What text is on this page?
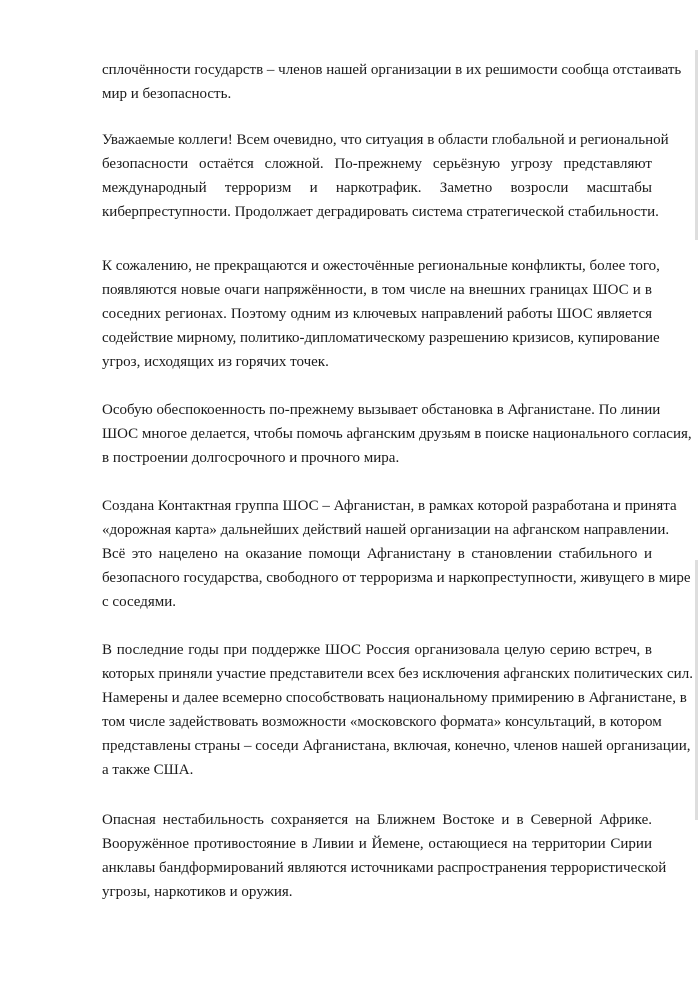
сплочённости государств – членов нашей организации в их решимости сообща отстаивать
мир и безопасность.
Уважаемые коллеги! Всем очевидно, что ситуация в области глобальной и региональной
безопасности остаётся сложной. По-прежнему серьёзную угрозу представляют
международный терроризм и наркотрафик. Заметно возросли масштабы
киберпреступности. Продолжает деградировать система стратегической стабильности.
К сожалению, не прекращаются и ожесточённые региональные конфликты, более того,
появляются новые очаги напряжённости, в том числе на внешних границах ШОС и в
соседних регионах. Поэтому одним из ключевых направлений работы ШОС является
содействие мирному, политико-дипломатическому разрешению кризисов, купирование
угроз, исходящих из горячих точек.
Особую обеспокоенность по-прежнему вызывает обстановка в Афганистане. По линии
ШОС многое делается, чтобы помочь афганским друзьям в поиске национального согласия,
в построении долгосрочного и прочного мира.
Создана Контактная группа ШОС – Афганистан, в рамках которой разработана и принята
«дорожная карта» дальнейших действий нашей организации на афганском направлении.
Всё это нацелено на оказание помощи Афганистану в становлении стабильного и
безопасного государства, свободного от терроризма и наркопреступности, живущего в мире
с соседями.
В последние годы при поддержке ШОС Россия организовала целую серию встреч, в
которых приняли участие представители всех без исключения афганских политических сил.
Намерены и далее всемерно способствовать национальному примирению в Афганистане, в
том числе задействовать возможности «московского формата» консультаций, в котором
представлены страны – соседи Афганистана, включая, конечно, членов нашей организации,
а также США.
Опасная нестабильность сохраняется на Ближнем Востоке и в Северной Африке.
Вооружённое противостояние в Ливии и Йемене, остающиеся на территории Сирии
анклавы бандформирований являются источниками распространения террористической
угрозы, наркотиков и оружия.
